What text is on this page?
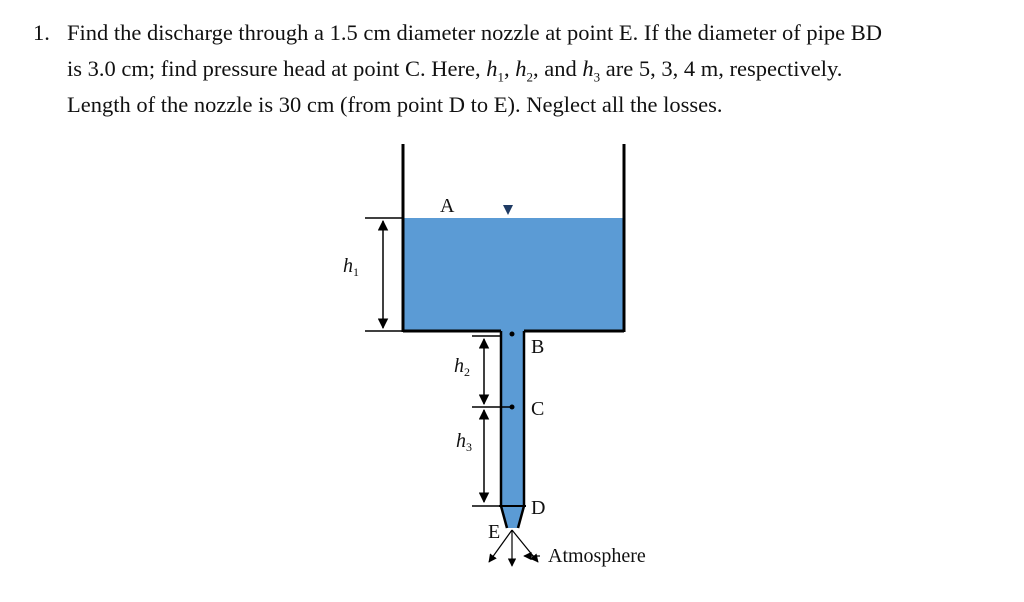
1. Find the discharge through a 1.5 cm diameter nozzle at point E. If the diameter of pipe BD
is 3.0 cm; find pressure head at point C. Here, $h_1$, $h_2$, and $h_3$ are 5, 3, 4 m, respectively.
Length of the nozzle is 30 cm (from point D to E). Neglect all the losses.
$h_1$
$h_2$
$h_3$
A
B
C
D
E
Atmosphere
